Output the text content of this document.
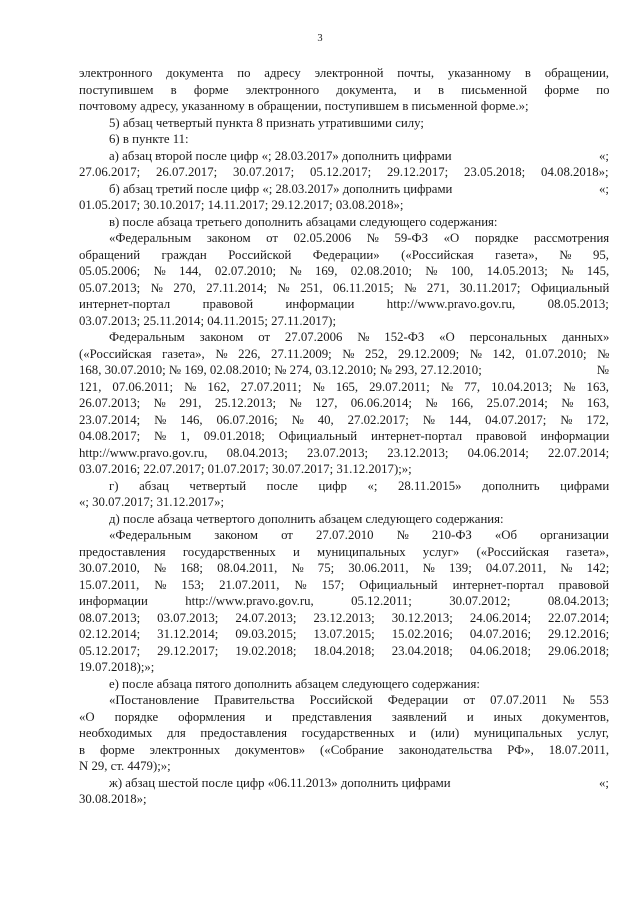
3
электронного документа по адресу электронной почты, указанному в обращении,
поступившем в форме электронного документа, и в письменной форме по
почтовому адресу, указанному в обращении, поступившем в письменной форме.»;
5) абзац четвертый пункта 8 признать утратившими силу;
6) в пункте 11:
а) абзац второй после цифр «; 28.03.2017» дополнить цифрами	«;
27.06.2017; 26.07.2017; 30.07.2017; 05.12.2017; 29.12.2017; 23.05.2018; 04.08.2018»;
б) абзац третий после цифр «; 28.03.2017» дополнить цифрами	«;
01.05.2017; 30.10.2017; 14.11.2017; 29.12.2017; 03.08.2018»;
в) после абзаца третьего дополнить абзацами следующего содержания:
«Федеральным законом от 02.05.2006 № 59-ФЗ «О порядке рассмотрения
обращений граждан Российской Федерации» («Российская газета», № 95,
05.05.2006; № 144, 02.07.2010; № 169, 02.08.2010; № 100, 14.05.2013; № 145,
05.07.2013; № 270, 27.11.2014; № 251, 06.11.2015; № 271, 30.11.2017; Официальный
интернет-портал правовой информации http://www.pravo.gov.ru, 08.05.2013;
03.07.2013; 25.11.2014; 04.11.2015; 27.11.2017);
Федеральным законом от 27.07.2006 № 152-ФЗ «О персональных данных»
(«Российская газета», № 226, 27.11.2009; № 252, 29.12.2009; № 142, 01.07.2010; №
168, 30.07.2010; № 169, 02.08.2010; № 274, 03.12.2010; № 293, 27.12.2010;	№
121, 07.06.2011; № 162, 27.07.2011; № 165, 29.07.2011; № 77, 10.04.2013; № 163,
26.07.2013; № 291, 25.12.2013; № 127, 06.06.2014; № 166, 25.07.2014; № 163,
23.07.2014; № 146, 06.07.2016; № 40, 27.02.2017; № 144, 04.07.2017; № 172,
04.08.2017; № 1, 09.01.2018; Официальный интернет-портал правовой информации
http://www.pravo.gov.ru, 08.04.2013; 23.07.2013; 23.12.2013; 04.06.2014; 22.07.2014;
03.07.2016; 22.07.2017; 01.07.2017; 30.07.2017; 31.12.2017);»;
г) абзац четвертый после цифр «; 28.11.2015» дополнить цифрами
«; 30.07.2017; 31.12.2017»;
д) после абзаца четвертого дополнить абзацем следующего содержания:
«Федеральным законом от 27.07.2010 № 210-ФЗ «Об организации
предоставления государственных и муниципальных услуг» («Российская газета»,
30.07.2010, № 168; 08.04.2011, № 75; 30.06.2011, № 139; 04.07.2011, № 142;
15.07.2011, № 153; 21.07.2011, № 157; Официальный интернет-портал правовой
информации http://www.pravo.gov.ru, 05.12.2011; 30.07.2012; 08.04.2013;
08.07.2013; 03.07.2013; 24.07.2013; 23.12.2013; 30.12.2013; 24.06.2014; 22.07.2014;
02.12.2014; 31.12.2014; 09.03.2015; 13.07.2015; 15.02.2016; 04.07.2016; 29.12.2016;
05.12.2017; 29.12.2017; 19.02.2018; 18.04.2018; 23.04.2018; 04.06.2018; 29.06.2018;
19.07.2018);»;
е) после абзаца пятого дополнить абзацем следующего содержания:
«Постановление Правительства Российской Федерации от 07.07.2011 № 553
«О порядке оформления и представления заявлений и иных документов,
необходимых для предоставления государственных и (или) муниципальных услуг,
в форме электронных документов» («Собрание законодательства РФ», 18.07.2011,
N 29, ст. 4479);»;
ж) абзац шестой после цифр «06.11.2013» дополнить цифрами	«;
30.08.2018»;
